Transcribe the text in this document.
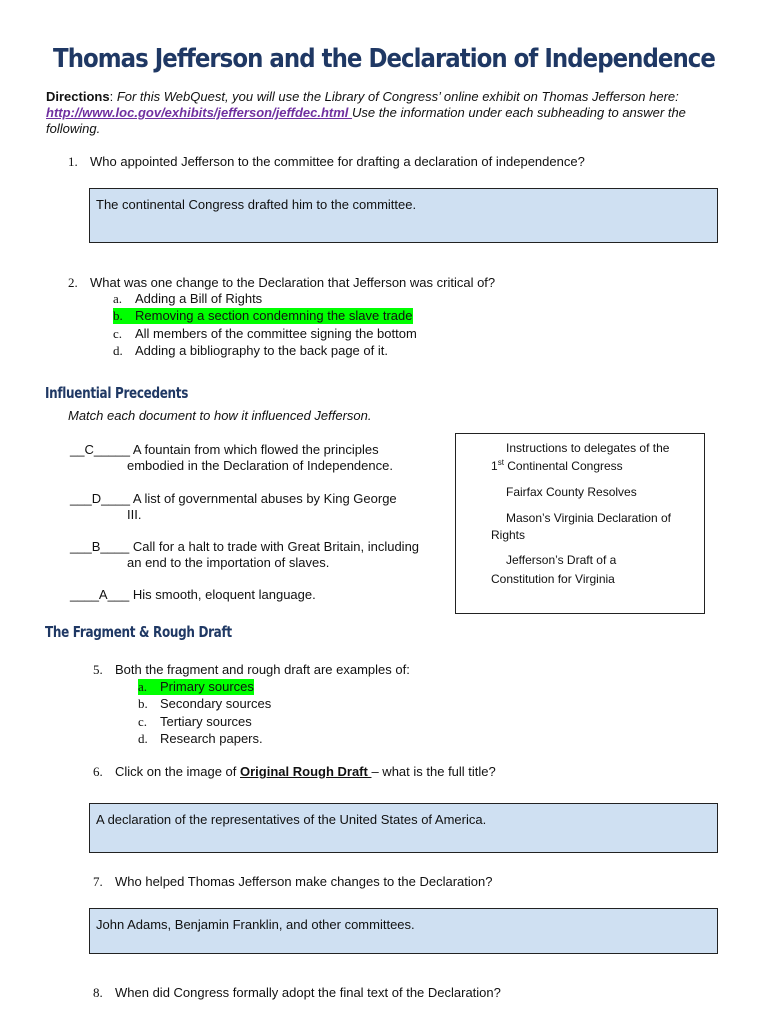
Thomas Jefferson and the Declaration of Independence
Directions: For this WebQuest, you will use the Library of Congress’ online exhibit on Thomas Jefferson here: http://www.loc.gov/exhibits/jefferson/jeffdec.html Use the information under each subheading to answer the following.
1. Who appointed Jefferson to the committee for drafting a declaration of independence?
The continental Congress drafted him to the committee.
2. What was one change to the Declaration that Jefferson was critical of?
a. Adding a Bill of Rights
b. Removing a section condemning the slave trade
c. All members of the committee signing the bottom
d. Adding a bibliography to the back page of it.
Influential Precedents
Match each document to how it influenced Jefferson.
__C_____ A fountain from which flowed the principles
embodied in the Declaration of Independence.
___D____ A list of governmental abuses by King George
III.
___B____ Call for a halt to trade with Great Britain, including
an end to the importation of slaves.
____A___ His smooth, eloquent language.
Instructions to delegates of the
1st Continental Congress
Fairfax County Resolves
Mason’s Virginia Declaration of
Rights
Jefferson’s Draft of a
Constitution for Virginia
The Fragment & Rough Draft
5. Both the fragment and rough draft are examples of:
a. Primary sources
b. Secondary sources
c. Tertiary sources
d. Research papers.
6. Click on the image of Original Rough Draft – what is the full title?
A declaration of the representatives of the United States of America.
7. Who helped Thomas Jefferson make changes to the Declaration?
John Adams, Benjamin Franklin, and other committees.
8. When did Congress formally adopt the final text of the Declaration?
